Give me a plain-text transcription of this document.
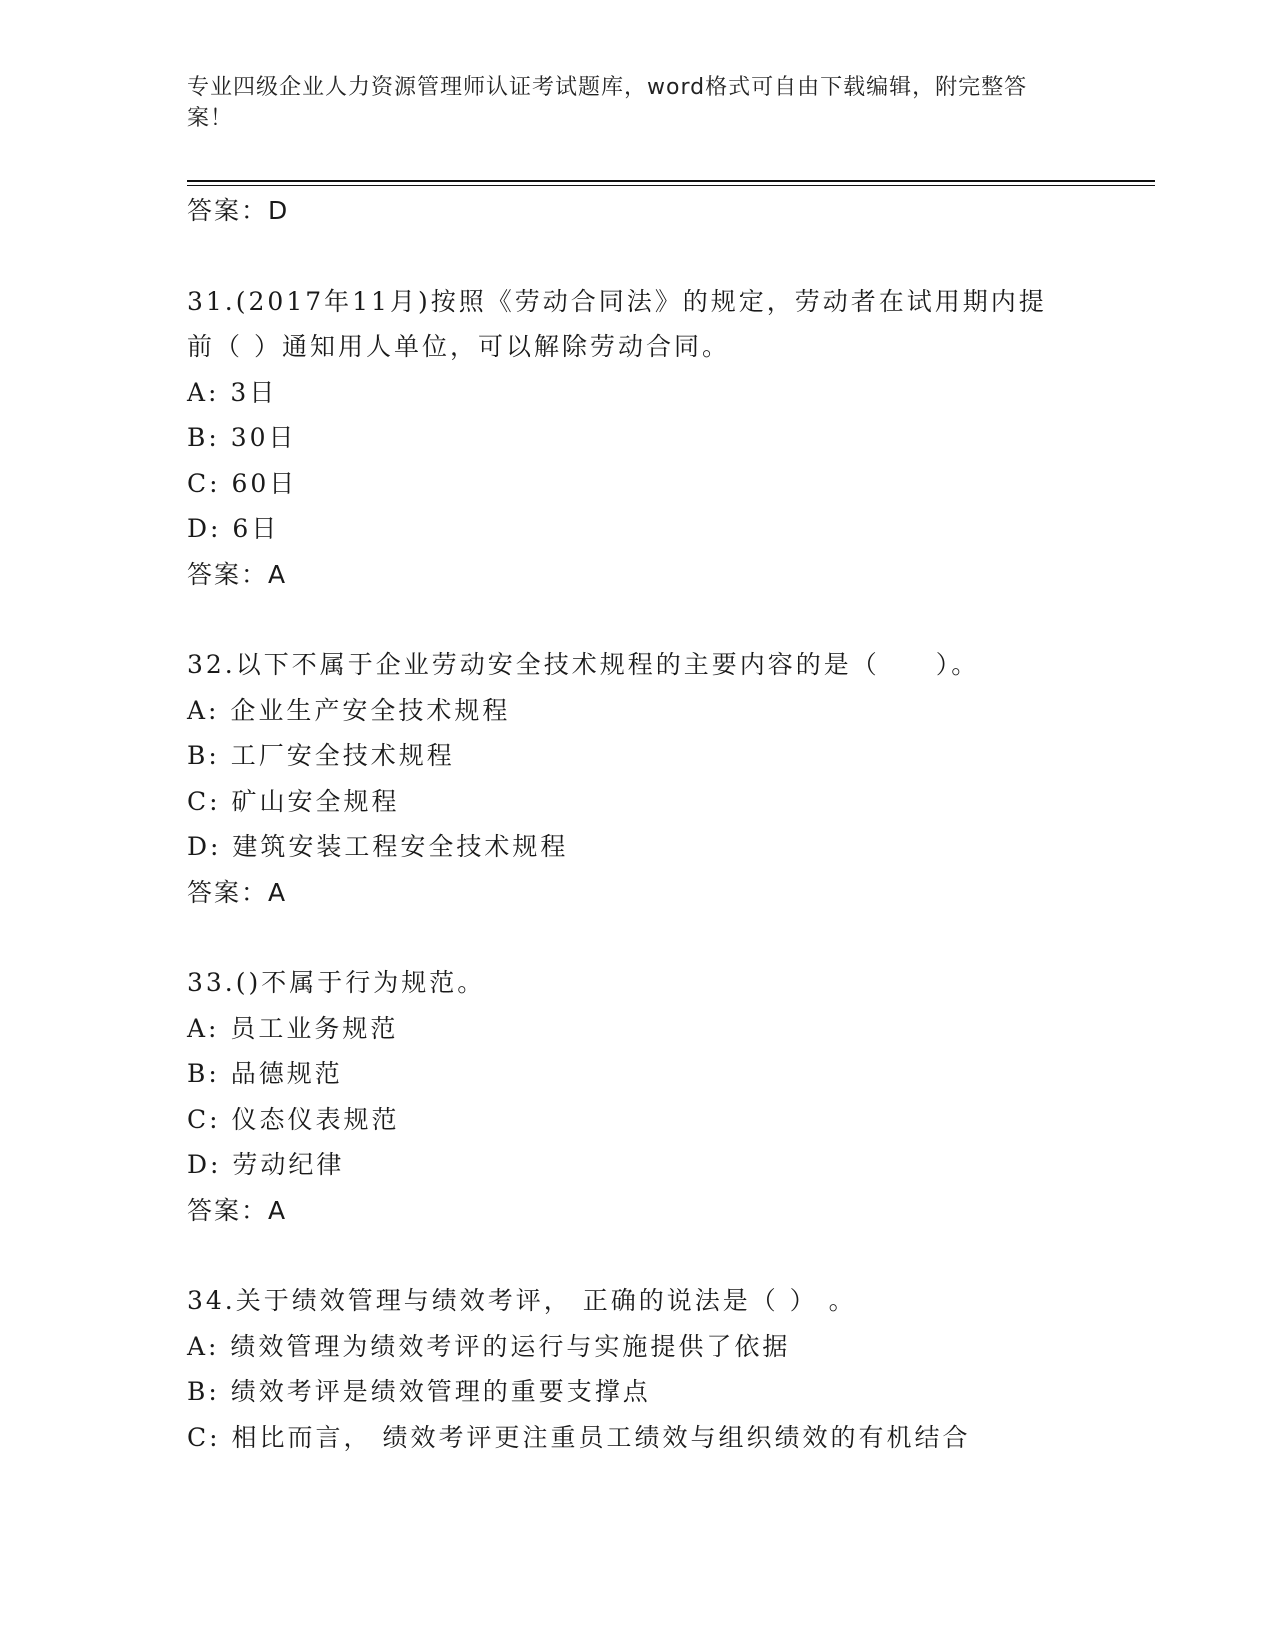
专业四级企业人力资源管理师认证考试题库，word格式可自由下载编辑，附完整答案！

答案：D

31.(2017年11月)按照《劳动合同法》的规定，劳动者在试用期内提

前（ ）通知用人单位，可以解除劳动合同。

A: 3日

B: 30日

C: 60日

D: 6日

答案：A

32.以下不属于企业劳动安全技术规程的主要内容的是（　　）。

A: 企业生产安全技术规程

B: 工厂安全技术规程

C: 矿山安全规程

D: 建筑安装工程安全技术规程

答案：A

33.()不属于行为规范。

A: 员工业务规范

B: 品德规范

C: 仪态仪表规范

D: 劳动纪律

答案：A

34.关于绩效管理与绩效考评， 正确的说法是（ ） 。

A: 绩效管理为绩效考评的运行与实施提供了依据

B: 绩效考评是绩效管理的重要支撑点

C: 相比而言， 绩效考评更注重员工绩效与组织绩效的有机结合
